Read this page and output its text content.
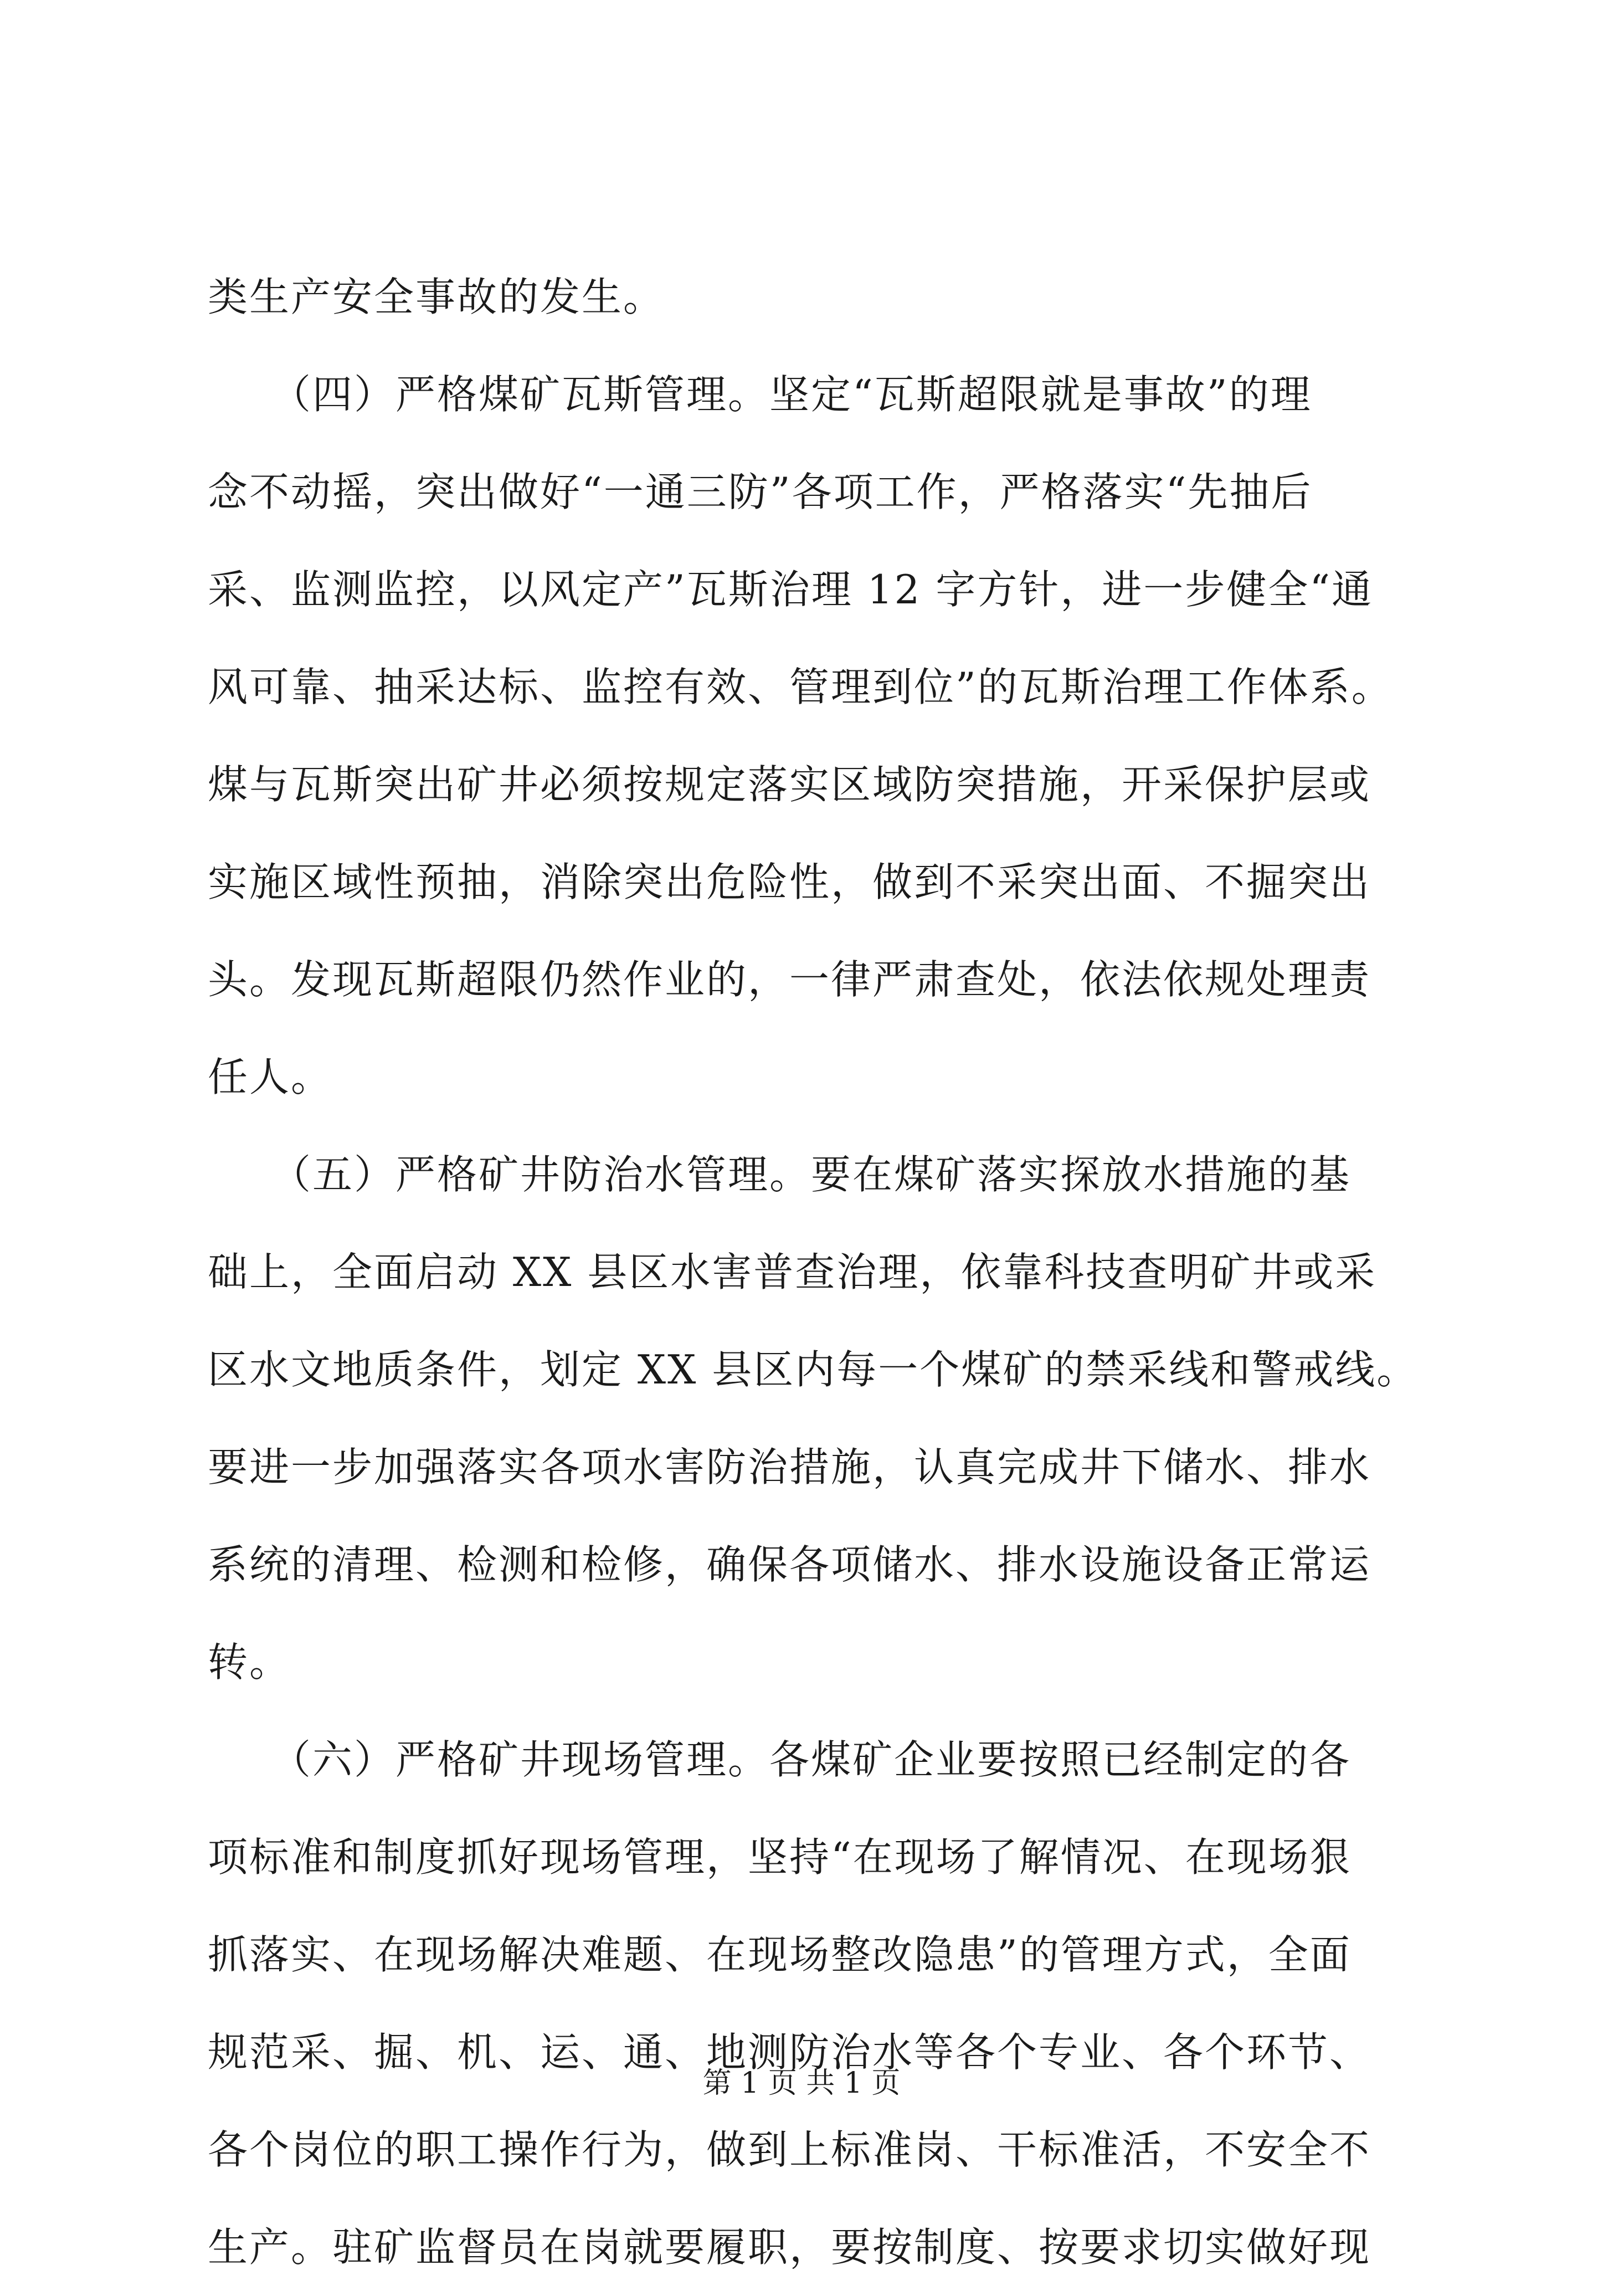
类生产安全事故的发生。
　　（四）严格煤矿瓦斯管理。坚定“瓦斯超限就是事故”的理
念不动摇，突出做好“一通三防”各项工作，严格落实“先抽后
采、监测监控，以风定产”瓦斯治理 12 字方针，进一步健全“通
风可靠、抽采达标、监控有效、管理到位”的瓦斯治理工作体系。
煤与瓦斯突出矿井必须按规定落实区域防突措施，开采保护层或
实施区域性预抽，消除突出危险性，做到不采突出面、不掘突出
头。发现瓦斯超限仍然作业的，一律严肃查处，依法依规处理责
任人。
　　（五）严格矿井防治水管理。要在煤矿落实探放水措施的基
础上，全面启动 XX 县区水害普查治理，依靠科技查明矿井或采
区水文地质条件，划定 XX 县区内每一个煤矿的禁采线和警戒线。
要进一步加强落实各项水害防治措施，认真完成井下储水、排水
系统的清理、检测和检修，确保各项储水、排水设施设备正常运
转。
　　（六）严格矿井现场管理。各煤矿企业要按照已经制定的各
项标准和制度抓好现场管理，坚持“在现场了解情况、在现场狠
抓落实、在现场解决难题、在现场整改隐患”的管理方式，全面
规范采、掘、机、运、通、地测防治水等各个专业、各个环节、
各个岗位的职工操作行为，做到上标准岗、干标准活，不安全不
生产。驻矿监督员在岗就要履职，要按制度、按要求切实做好现
第 1 页 共 1 页
